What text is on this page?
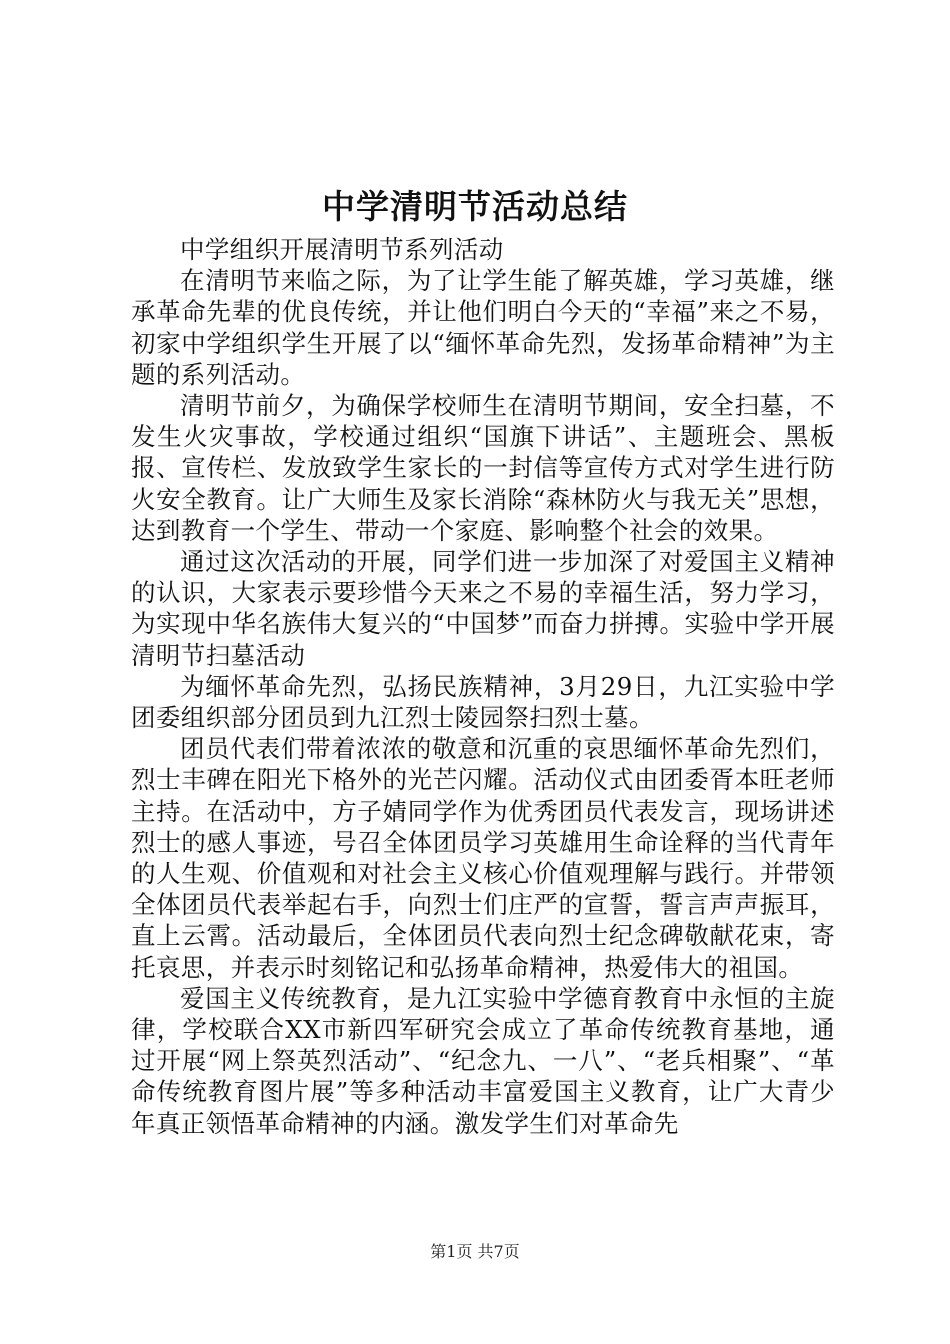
中学清明节活动总结

中学组织开展清明节系列活动

在清明节来临之际，为了让学生能了解英雄，学习英雄，继承革命先辈的优良传统，并让他们明白今天的“幸福”来之不易，初家中学组织学生开展了以“缅怀革命先烈，发扬革命精神”为主题的系列活动。

清明节前夕，为确保学校师生在清明节期间，安全扫墓，不发生火灾事故，学校通过组织“国旗下讲话”、主题班会、黑板报、宣传栏、发放致学生家长的一封信等宣传方式对学生进行防火安全教育。让广大师生及家长消除“森林防火与我无关”思想，达到教育一个学生、带动一个家庭、影响整个社会的效果。

通过这次活动的开展，同学们进一步加深了对爱国主义精神的认识，大家表示要珍惜今天来之不易的幸福生活，努力学习，为实现中华名族伟大复兴的“中国梦”而奋力拼搏。实验中学开展清明节扫墓活动

为缅怀革命先烈，弘扬民族精神，3月29日，九江实验中学团委组织部分团员到九江烈士陵园祭扫烈士墓。

团员代表们带着浓浓的敬意和沉重的哀思缅怀革命先烈们，烈士丰碑在阳光下格外的光芒闪耀。活动仪式由团委胥本旺老师主持。在活动中，方子婧同学作为优秀团员代表发言，现场讲述烈士的感人事迹，号召全体团员学习英雄用生命诠释的当代青年的人生观、价值观和对社会主义核心价值观理解与践行。并带领全体团员代表举起右手，向烈士们庄严的宣誓，誓言声声振耳，直上云霄。活动最后，全体团员代表向烈士纪念碑敬献花束，寄托哀思，并表示时刻铭记和弘扬革命精神，热爱伟大的祖国。

爱国主义传统教育，是九江实验中学德育教育中永恒的主旋律，学校联合XX市新四军研究会成立了革命传统教育基地，通过开展“网上祭英烈活动”、“纪念九、一八”、“老兵相聚”、“革命传统教育图片展”等多种活动丰富爱国主义教育，让广大青少年真正领悟革命精神的内涵。激发学生们对革命先

第1页 共7页
